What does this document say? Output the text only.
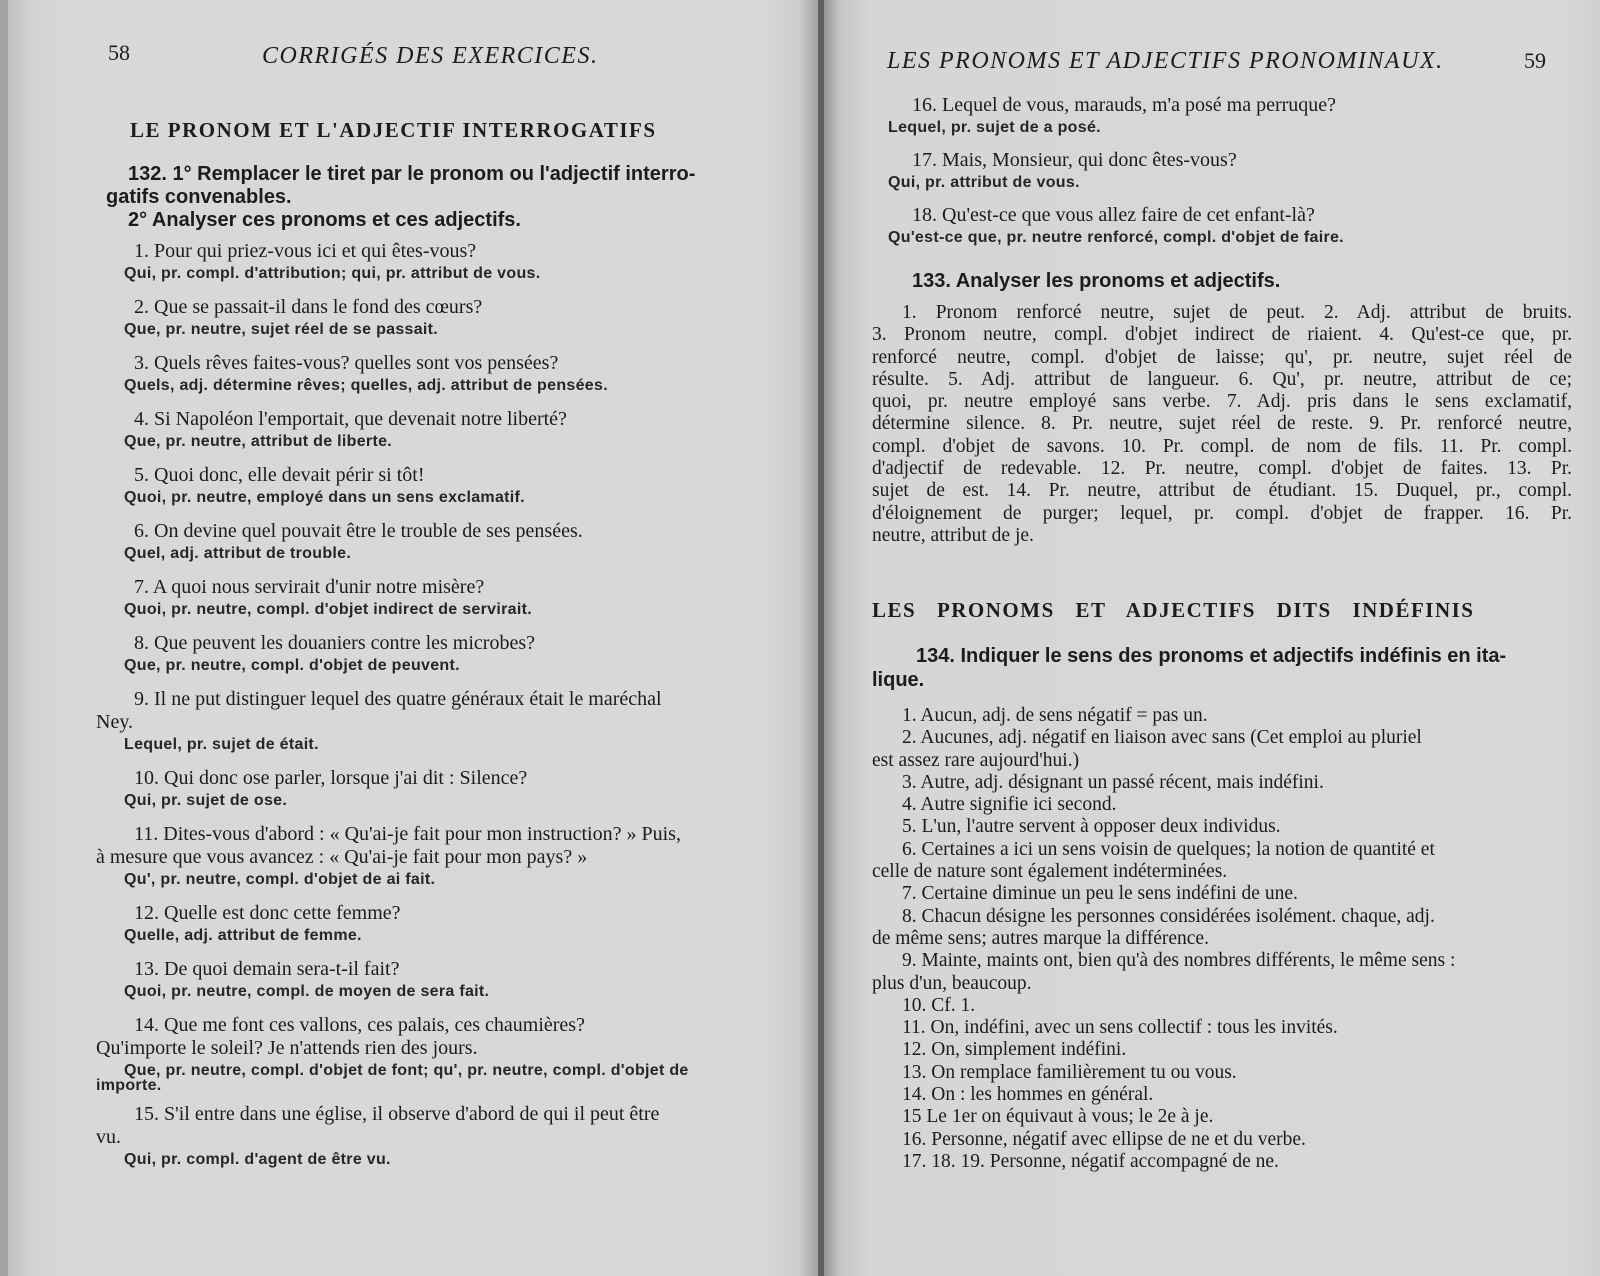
58	CORRIGÉS DES EXERCICES.
LE PRONOM ET L'ADJECTIF INTERROGATIFS
132. 1° Remplacer le tiret par le pronom ou l'adjectif interro-
gatifs convenables.
2° Analyser ces pronoms et ces adjectifs.
1. Pour qui priez-vous ici et qui êtes-vous?
Qui, pr. compl. d'attribution; qui, pr. attribut de vous.
2. Que se passait-il dans le fond des cœurs?
Que, pr. neutre, sujet réel de se passait.
3. Quels rêves faites-vous? quelles sont vos pensées?
Quels, adj. détermine rêves; quelles, adj. attribut de pensées.
4. Si Napoléon l'emportait, que devenait notre liberté?
Que, pr. neutre, attribut de liberte.
5. Quoi donc, elle devait périr si tôt!
Quoi, pr. neutre, employé dans un sens exclamatif.
6. On devine quel pouvait être le trouble de ses pensées.
Quel, adj. attribut de trouble.
7. A quoi nous servirait d'unir notre misère?
Quoi, pr. neutre, compl. d'objet indirect de servirait.
8. Que peuvent les douaniers contre les microbes?
Que, pr. neutre, compl. d'objet de peuvent.
9. Il ne put distinguer lequel des quatre généraux était le maréchal
Ney.
Lequel, pr. sujet de était.
10. Qui donc ose parler, lorsque j'ai dit : Silence?
Qui, pr. sujet de ose.
11. Dites-vous d'abord : « Qu'ai-je fait pour mon instruction? » Puis,
à mesure que vous avancez : « Qu'ai-je fait pour mon pays? »
Qu', pr. neutre, compl. d'objet de ai fait.
12. Quelle est donc cette femme?
Quelle, adj. attribut de femme.
13. De quoi demain sera-t-il fait?
Quoi, pr. neutre, compl. de moyen de sera fait.
14. Que me font ces vallons, ces palais, ces chaumières?
Qu'importe le soleil? Je n'attends rien des jours.
Que, pr. neutre, compl. d'objet de font; qu', pr. neutre, compl. d'objet de
importe.
15. S'il entre dans une église, il observe d'abord de qui il peut être
vu.
Qui, pr. compl. d'agent de être vu.
LES PRONOMS ET ADJECTIFS PRONOMINAUX.	59
16. Lequel de vous, marauds, m'a posé ma perruque?
Lequel, pr. sujet de a posé.
17. Mais, Monsieur, qui donc êtes-vous?
Qui, pr. attribut de vous.
18. Qu'est-ce que vous allez faire de cet enfant-là?
Qu'est-ce que, pr. neutre renforcé, compl. d'objet de faire.
133. Analyser les pronoms et adjectifs.
1. Pronom renforcé neutre, sujet de peut. 2. Adj. attribut de bruits.
3. Pronom neutre, compl. d'objet indirect de riaient. 4. Qu'est-ce que, pr.
renforcé neutre, compl. d'objet de laisse; qu', pr. neutre, sujet réel de
résulte. 5. Adj. attribut de langueur. 6. Qu', pr. neutre, attribut de ce;
quoi, pr. neutre employé sans verbe. 7. Adj. pris dans le sens exclamatif,
détermine silence. 8. Pr. neutre, sujet réel de reste. 9. Pr. renforcé neutre,
compl. d'objet de savons. 10. Pr. compl. de nom de fils. 11. Pr. compl.
d'adjectif de redevable. 12. Pr. neutre, compl. d'objet de faites. 13. Pr.
sujet de est. 14. Pr. neutre, attribut de étudiant. 15. Duquel, pr., compl.
d'éloignement de purger; lequel, pr. compl. d'objet de frapper. 16. Pr.
neutre, attribut de je.
LES PRONOMS ET ADJECTIFS DITS INDÉFINIS
134. Indiquer le sens des pronoms et adjectifs indéfinis en ita-
lique.
1. Aucun, adj. de sens négatif = pas un.
2. Aucunes, adj. négatif en liaison avec sans (Cet emploi au pluriel
est assez rare aujourd'hui.)
3. Autre, adj. désignant un passé récent, mais indéfini.
4. Autre signifie ici second.
5. L'un, l'autre servent à opposer deux individus.
6. Certaines a ici un sens voisin de quelques; la notion de quantité et
celle de nature sont également indéterminées.
7. Certaine diminue un peu le sens indéfini de une.
8. Chacun désigne les personnes considérées isolément. chaque, adj.
de même sens; autres marque la différence.
9. Mainte, maints ont, bien qu'à des nombres différents, le même sens :
plus d'un, beaucoup.
10. Cf. 1.
11. On, indéfini, avec un sens collectif : tous les invités.
12. On, simplement indéfini.
13. On remplace familièrement tu ou vous.
14. On : les hommes en général.
15 Le 1er on équivaut à vous; le 2e à je.
16. Personne, négatif avec ellipse de ne et du verbe.
17. 18. 19. Personne, négatif accompagné de ne.
